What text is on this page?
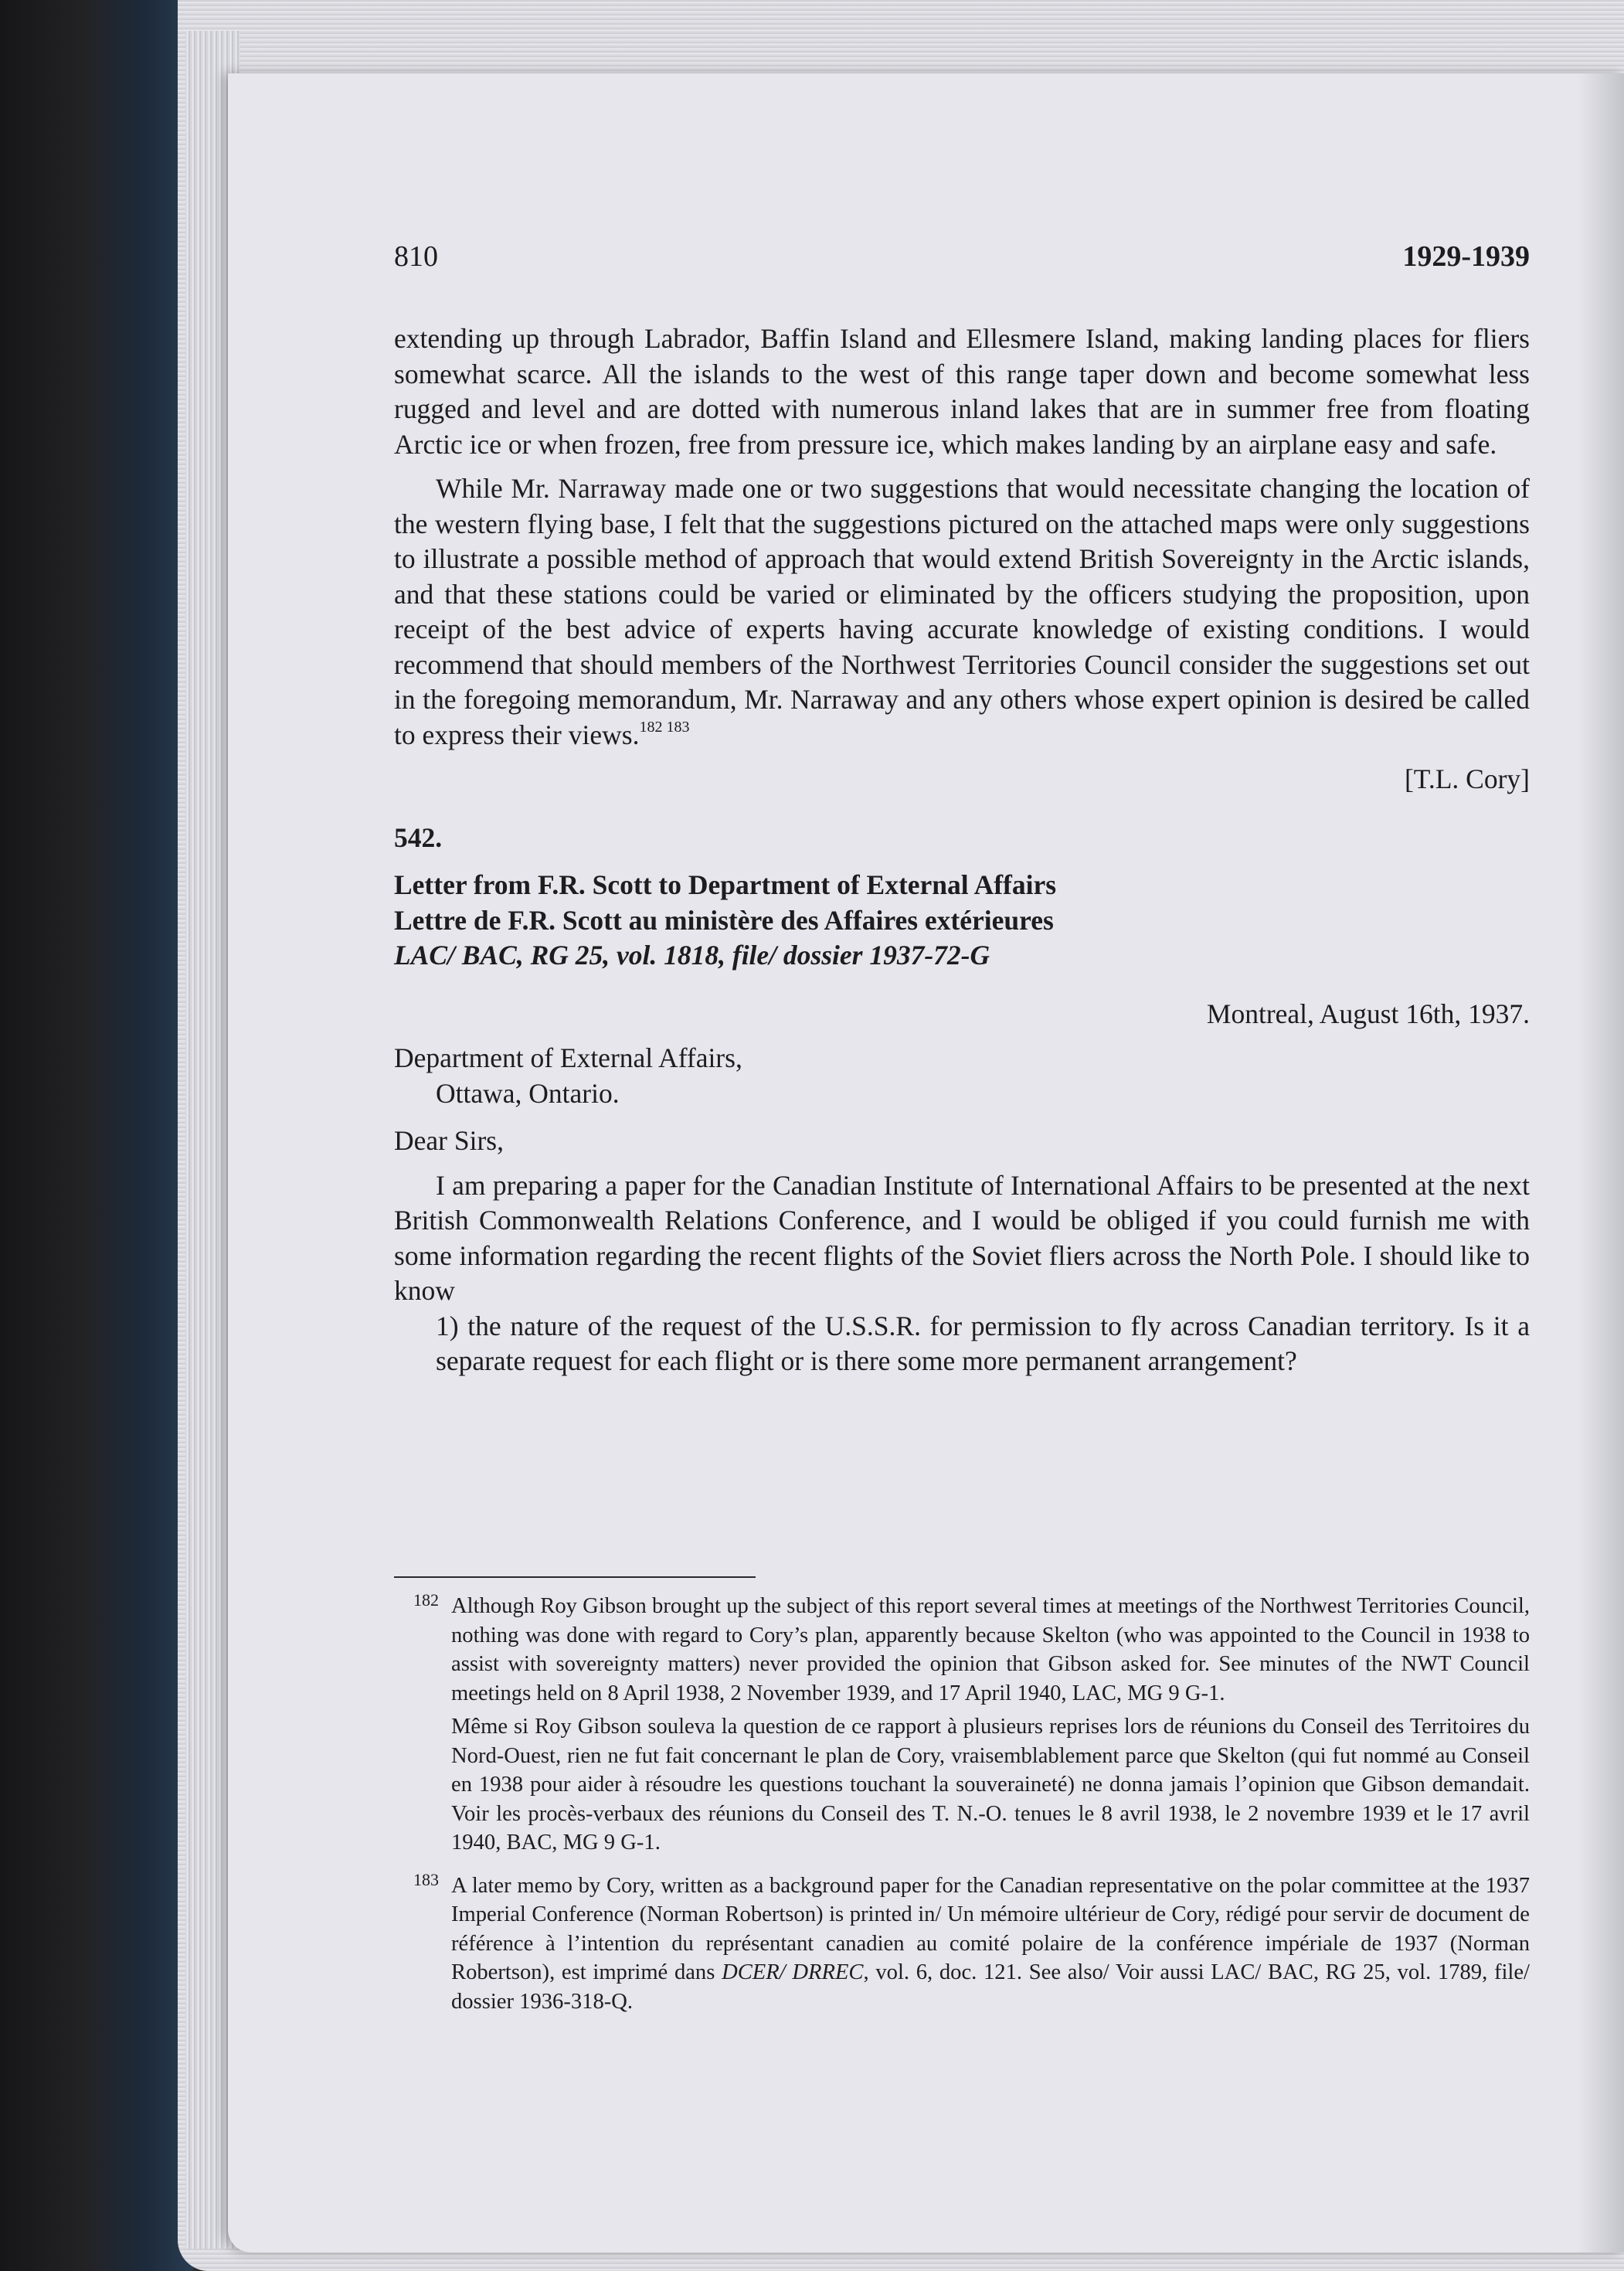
810	1929-1939

extending up through Labrador, Baffin Island and Ellesmere Island, making landing places for fliers somewhat scarce. All the islands to the west of this range taper down and become somewhat less rugged and level and are dotted with numerous inland lakes that are in summer free from floating Arctic ice or when frozen, free from pressure ice, which makes landing by an airplane easy and safe.

While Mr. Narraway made one or two suggestions that would necessitate changing the location of the western flying base, I felt that the suggestions pictured on the attached maps were only suggestions to illustrate a possible method of approach that would extend British Sovereignty in the Arctic islands, and that these stations could be varied or eliminated by the officers studying the proposition, upon receipt of the best advice of experts having accurate knowledge of existing conditions. I would recommend that should members of the Northwest Territories Council consider the suggestions set out in the foregoing memorandum, Mr. Narraway and any others whose expert opinion is desired be called to express their views.$^{182 183}$

[T.L. Cory]

542.

Letter from F.R. Scott to Department of External Affairs

Lettre de F.R. Scott au ministère des Affaires extérieures

LAC/ BAC, RG 25, vol. 1818, file/ dossier 1937-72-G

Montreal, August 16th, 1937.

Department of External Affairs,

Ottawa, Ontario.

Dear Sirs,

I am preparing a paper for the Canadian Institute of International Affairs to be presented at the next British Commonwealth Relations Conference, and I would be obliged if you could furnish me with some information regarding the recent flights of the Soviet fliers across the North Pole. I should like to know

1) the nature of the request of the U.S.S.R. for permission to fly across Canadian territory. Is it a separate request for each flight or is there some more permanent arrangement?

182 Although Roy Gibson brought up the subject of this report several times at meetings of the Northwest Territories Council, nothing was done with regard to Cory’s plan, apparently because Skelton (who was appointed to the Council in 1938 to assist with sovereignty matters) never provided the opinion that Gibson asked for. See minutes of the NWT Council meetings held on 8 April 1938, 2 November 1939, and 17 April 1940, LAC, MG 9 G-1.

Même si Roy Gibson souleva la question de ce rapport à plusieurs reprises lors de réunions du Conseil des Territoires du Nord-Ouest, rien ne fut fait concernant le plan de Cory, vraisemblablement parce que Skelton (qui fut nommé au Conseil en 1938 pour aider à résoudre les questions touchant la souveraineté) ne donna jamais l’opinion que Gibson demandait. Voir les procès-verbaux des réunions du Conseil des T. N.-O. tenues le 8 avril 1938, le 2 novembre 1939 et le 17 avril 1940, BAC, MG 9 G-1.

183 A later memo by Cory, written as a background paper for the Canadian representative on the polar committee at the 1937 Imperial Conference (Norman Robertson) is printed in/ Un mémoire ultérieur de Cory, rédigé pour servir de document de référence à l’intention du représentant canadien au comité polaire de la conférence impériale de 1937 (Norman Robertson), est imprimé dans DCER/ DRREC, vol. 6, doc. 121. See also/ Voir aussi LAC/ BAC, RG 25, vol. 1789, file/ dossier 1936-318-Q.
